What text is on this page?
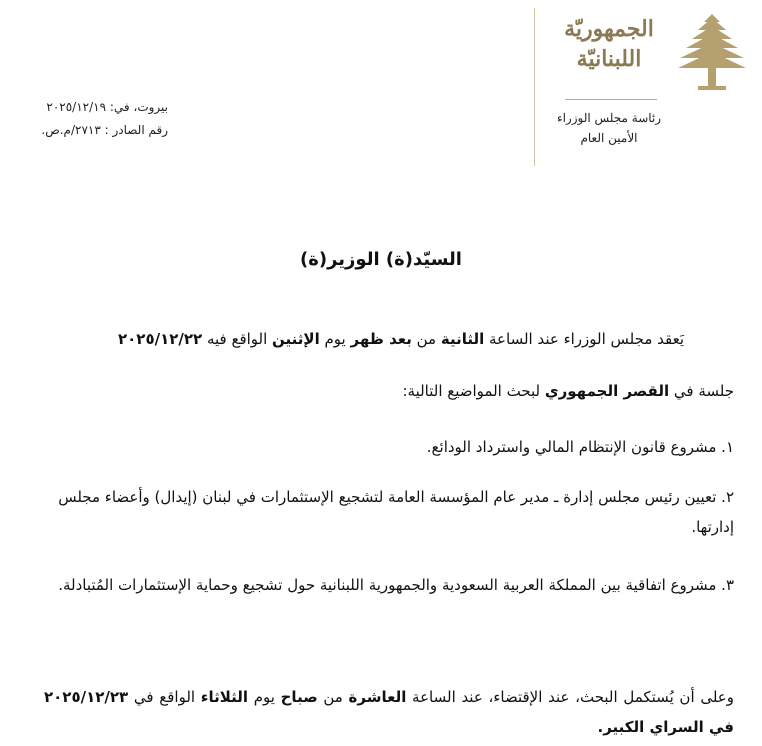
الجمهوريّة
اللبنانيّة
رئاسة مجلس الوزراء
الأمين العام
بيروت، في: ٢٠٢٥/١٢/١٩
رقم الصادر : ٢٧١٣/م.ص.
السيّد(ة) الوزير(ة)
يَعقد مجلس الوزراء عند الساعة الثانية من بعد ظهر يوم الإثنين الواقع فيه ٢٠٢٥/١٢/٢٢
جلسة في القصر الجمهوري لبحث المواضيع التالية:
١. مشروع قانون الإنتظام المالي واسترداد الودائع.
٢. تعيين رئيس مجلس إدارة ـ مدير عام المؤسسة العامة لتشجيع الإستثمارات في لبنان (إيدال) وأعضاء مجلس إدارتها.
٣. مشروع اتفاقية بين المملكة العربية السعودية والجمهورية اللبنانية حول تشجيع وحماية الإستثمارات المُتبادلة.
وعلى أن يُستكمل البحث، عند الإقتضاء، عند الساعة العاشرة من صباح يوم الثلاثاء الواقع في ٢٠٢٥/١٢/٢٣ في السراي الكبير.
